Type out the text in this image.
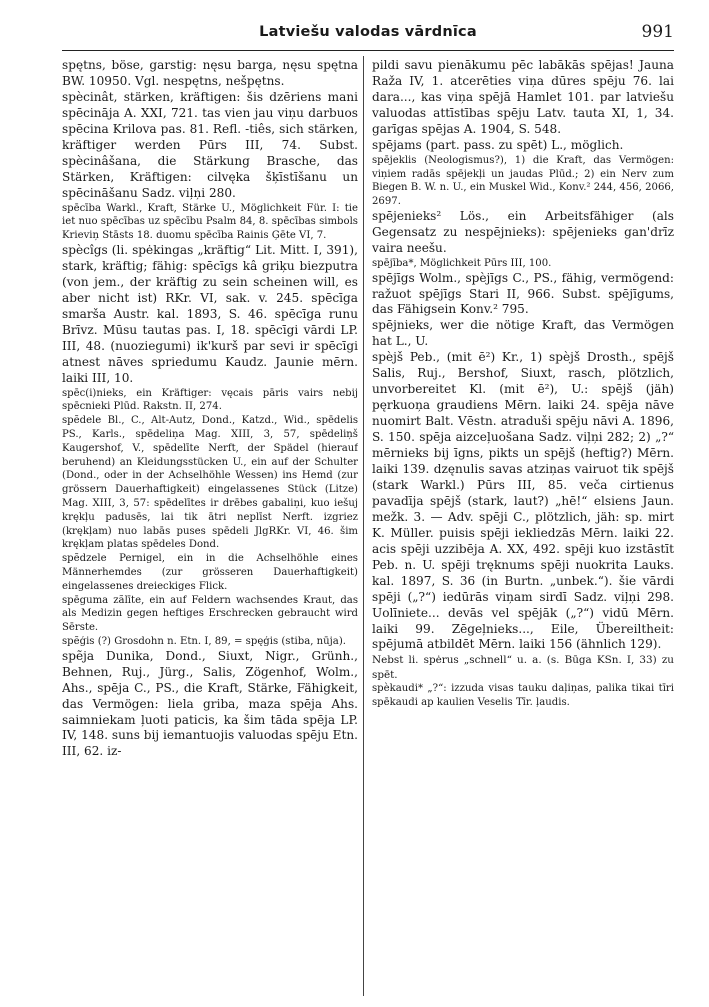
Latviešu valodas vārdnīca	991

spętns, böse, garstig: nęsu barga, nęsu spętna BW. 10950. Vgl. nespętns, nešpętns.

spècinât, stärken, kräftigen: šis dzēriens mani spēcināja A. XXI, 721. tas vien jau viņu darbuos spēcina Krilova pas. 81. Refl. -tiês, sich stärken, kräftiger werden Pūrs III, 74. Subst. spècinâšana, die Stärkung Brasche, das Stärken, Kräftigen: cilvęka šķīstīšanu un spēcināšanu Sadz. viļņi 280.

spēcība Warkl., Kraft, Stärke U., Möglichkeit Für. I: tie iet nuo spēcības uz spēcību Psalm 84, 8. spēcības simbols Krieviņ Stāsts 18. duomu spēcība Rainis Ģēte VI, 7.

spècîgs (li. spėkingas „kräftig“ Lit. Mitt. I, 391), stark, kräftig; fähig: spēcīgs kâ griķu biezputra (von jem., der kräftig zu sein scheinen will, es aber nicht ist) RKr. VI, sak. v. 245. spēcīga smarša Austr. kal. 1893, S. 46. spēcīga runu Brīvz. Mūsu tautas pas. I, 18. spēcīgi vārdi LP. III, 48. (nuoziegumi) ik'kurš par sevi ir spēcīgi atnest nāves spriedumu Kaudz. Jaunie mērn. laiki III, 10.

spēc(i)nieks, ein Kräftiger: vęcais pāris vairs nebij spēcnieki Plūd. Rakstn. II, 274.

spẽdele Bl., C., Alt-Autz, Dond., Katzd., Wid., spēdelis PS., Karls., spēdeliņa Mag. XIII, 3, 57, spēdeliņš Kaugershof, V., spēdelīte Nerft, der Spädel (hierauf beruhend) an Kleidungsstücken U., ein auf der Schulter (Dond., oder in der Achselhöhle Wessen) ins Hemd (zur grössern Dauerhaftigkeit) eingelassenes Stück (Litze) Mag. XIII, 3, 57: spēdelītes ir drēbes gabaliņi, kuo iešuj krękļu padusēs, lai tik ātri neplīst Nerft. izgriez (krękļam) nuo labās puses spēdeli JlgRKr. VI, 46. šim krękļam platas spēdeles Dond.

spẽdzele Pernigel, ein in die Achselhöhle eines Männerhemdes (zur grösseren Dauerhaftigkeit) eingelassenes dreieckiges Flick.

spēguma zãlīte, ein auf Feldern wachsendes Kraut, das als Medizin gegen heftiges Erschrecken gebraucht wird Sērste.

spẽģis (?) Grosdohn n. Etn. I, 89, = spęģis (stiba, nūja).

spẽja Dunika, Dond., Siuxt, Nigr., Grünh., Behnen, Ruj., Jürg., Salis, Zögenhof, Wolm., Ahs., spēja C., PS., die Kraft, Stärke, Fähigkeit, das Vermögen: liela griba, maza spēja Ahs. saimniekam ļuoti paticis, ka šim tāda spēja LP. IV, 148. suns bij iemantuojis valuodas spēju Etn. III, 62. iz-

pildi savu pienākumu pēc labākās spējas! Jauna Raža IV, 1. atcerēties viņa dūres spēju 76. lai dara..., kas viņa spējā Hamlet 101. par latviešu valuodas attīstības spēju Latv. tauta XI, 1, 34. garīgas spējas A. 1904, S. 548.

spējams (part. pass. zu spēt) L., möglich.

spējeklis (Neologismus?), 1) die Kraft, das Vermögen: viņiem radās spējekļi un jaudas Plūd.; 2) ein Nerv zum Biegen B. W. n. U., ein Muskel Wid., Konv.² 244, 456, 2066, 2697.

spējenieks² Lös., ein Arbeitsfähiger (als Gegensatz zu nespējnieks): spējenieks gan'drīz vaira neešu.

spējība*, Möglichkeit Pūrs III, 100.

spējīgs Wolm., spèjīgs C., PS., fähig, vermögend: ražuot spējīgs Stari II, 966. Subst. spējīgums, das Fähigsein Konv.² 795.

spējnieks, wer die nötige Kraft, das Vermögen hat L., U.

spèjš Peb., (mit ē²) Kr., 1) spèjš Drosth., spējš Salis, Ruj., Bershof, Siuxt, rasch, plötzlich, unvorbereitet Kl. (mit ē²), U.: spējš (jäh) pęrkuoņa graudiens Mērn. laiki 24. spēja nāve nuomirt Balt. Vēstn. atraduši spēju nāvi A. 1896, S. 150. spēja aizceļuošana Sadz. viļņi 282; 2) „?“ mērnieks bij īgns, pikts un spējš (heftig?) Mērn. laiki 139. dzęnulis savas atziņas vairuot tik spējš (stark Warkl.) Pūrs III, 85. veča cirtienus pavadīja spējš (stark, laut?) „hē!“ elsiens Jaun. mežk. 3. — Adv. spēji C., plötzlich, jäh: sp. mirt K. Müller. puisis spēji iekliedzās Mērn. laiki 22. acis spēji uzzibēja A. XX, 492. spēji kuo izstāstīt Peb. n. U. spēji tręknums spēji nuokrita Lauks. kal. 1897, S. 36 (in Burtn. „unbek.“). šie vārdi spēji („?“) iedūrās viņam sirdī Sadz. viļņi 298. Uolīniete... devās vel spējāk („?“) vidū Mērn. laiki 99. Zēgeļnieks..., Eile, Übereiltheit: spējumā atbildēt Mērn. laiki 156 (ähnlich 129).

Nebst li. spėrus „schnell“ u. a. (s. Būga KSn. I, 33) zu spēt.

spèkaudi* „?“: izzuda visas tauku daļiņas, palika tikai tīri spēkaudi ap kaulien Veselis Tīr. ļaudis.
